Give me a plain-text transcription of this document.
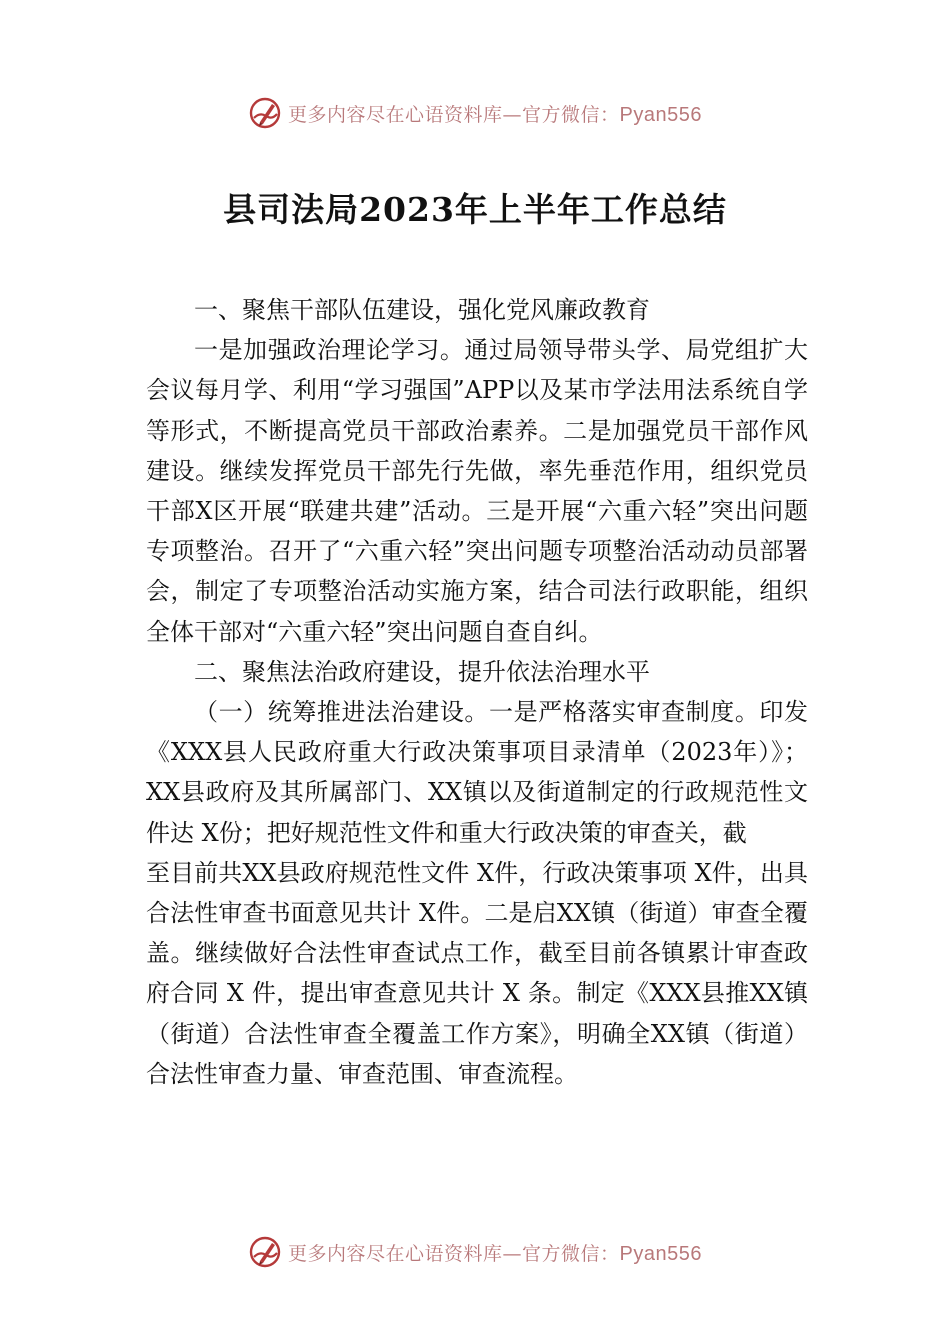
更多内容尽在心语资料库—官方微信：Pyan556
县司法局2023年上半年工作总结

一、聚焦干部队伍建设，强化党风廉政教育

一是加强政治理论学习。通过局领导带头学、局党组扩大会议每月学、利用“学习强国”APP以及某市学法用法系统自学等形式，不断提高党员干部政治素养。二是加强党员干部作风建设。继续发挥党员干部先行先做，率先垂范作用，组织党员干部X区开展“联建共建”活动。三是开展“六重六轻”突出问题专项整治。召开了“六重六轻”突出问题专项整治活动动员部署会，制定了专项整治活动实施方案，结合司法行政职能，组织全体干部对“六重六轻”突出问题自查自纠。

二、聚焦法治政府建设，提升依法治理水平

（一）统筹推进法治建设。一是严格落实审查制度。印发《XXX县人民政府重大行政决策事项目录清单（2023年）》； XX县政府及其所属部门、XX镇以及街道制定的行政规范性文件达 X份；把好规范性文件和重大行政决策的审查关，截

至目前共XX县政府规范性文件 X件，行政决策事项 X件，出具合法性审查书面意见共计 X件。二是启XX镇（街道）审查全覆盖。继续做好合法性审查试点工作，截至目前各镇累计审查政府合同 X 件，提出审查意见共计 X 条。制定《XXX县推XX镇（街道）合法性审查全覆盖工作方案》，明确全XX镇（街道）合法性审查力量、审查范围、审查流程。

更多内容尽在心语资料库—官方微信：Pyan556
